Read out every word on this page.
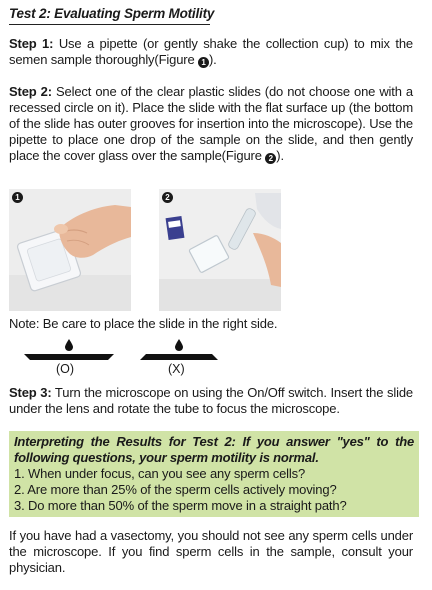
Test 2: Evaluating Sperm Motility

Step 1: Use a pipette (or gently shake the collection cup) to mix the semen sample thoroughly(Figure 1 ).

Step 2: Select one of the clear plastic slides (do not choose one with a recessed circle on it). Place the slide with the flat surface up (the bottom of the slide has outer grooves for insertion into the microscope). Use the pipette to place one drop of the sample on the slide, and then gently place the cover glass over the sample(Figure 2 ).

1	2
Note: Be care to place the slide in the right side.
(O)	(X)

Step 3: Turn the microscope on using the On/Off switch. Insert the slide under the lens and rotate the tube to focus the microscope.

Interpreting the Results for Test 2: If you answer "yes" to the following questions, your sperm motility is normal.

1. When under focus, can you see any sperm cells?
2. Are more than 25% of the sperm cells actively moving?
3. Do more than 50% of the sperm move in a straight path?

If you have had a vasectomy, you should not see any sperm cells under the microscope. If you find sperm cells in the sample, consult your physician.
